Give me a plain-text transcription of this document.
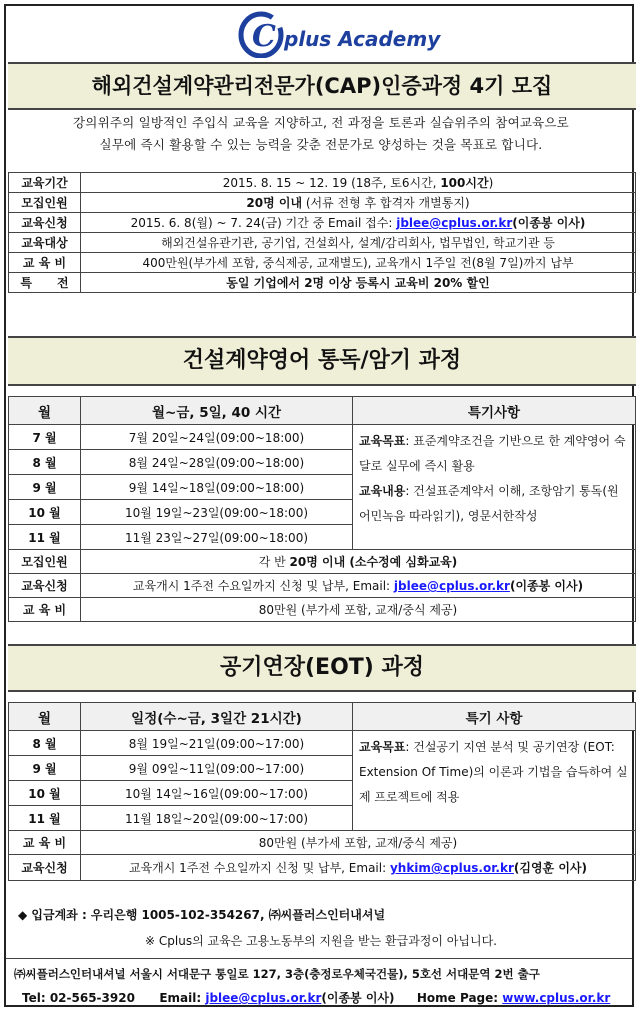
C plus Academy
해외건설계약관리전문가(CAP)인증과정 4기 모집
강의위주의 일방적인 주입식 교육을 지양하고, 전 과정을 토론과 실습위주의 참여교육으로
실무에 즉시 활용할 수 있는 능력을 갖춘 전문가로 양성하는 것을 목표로 합니다.
교육기간	2015. 8. 15 ~ 12. 19 (18주, 토6시간, 100시간)
모집인원	20명 이내 (서류 전형 후 합격자 개별통지)
교육신청	2015. 6. 8(월) ~ 7. 24(금) 기간 중 Email 접수: jblee@cplus.or.kr(이종봉 이사)
교육대상	해외건설유관기관, 공기업, 건설회사, 설계/감리회사, 법무법인, 학교기관 등
교 육 비	400만원(부가세 포함, 중식제공, 교재별도), 교육개시 1주일 전(8월 7일)까지 납부
특      전	동일 기업에서 2명 이상 등록시 교육비 20% 할인
건설계약영어 통독/암기 과정
월	월~금, 5일, 40 시간	특기사항
7 월	7월 20일~24일(09:00~18:00)	교육목표: 표준계약조건을 기반으로 한 계약영어 숙달로 실무에 즉시 활용
교육내용: 건설표준계약서 이해, 조항암기 통독(원어민녹음 따라읽기), 영문서한작성
8 월	8월 24일~28일(09:00~18:00)	
9 월	9월 14일~18일(09:00~18:00)	
10 월	10월 19일~23일(09:00~18:00)	
11 월	11월 23일~27일(09:00~18:00)	
모집인원	각 반 20명 이내 (소수정예 심화교육)	
교육신청	교육개시 1주전 수요일까지 신청 및 납부, Email: jblee@cplus.or.kr(이종봉 이사)	
교 육 비	80만원 (부가세 포함, 교재/중식 제공)	
공기연장(EOT) 과정
월	일정(수~금, 3일간 21시간)	특기 사항
8 월	8월 19일~21일(09:00~17:00)	교육목표: 건설공기 지연 분석 및 공기연장 (EOT: Extension Of Time)의 이론과 기법을 습득하여 실제 프로젝트에 적용
9 월	9월 09일~11일(09:00~17:00)	
10 월	10월 14일~16일(09:00~17:00)	
11 월	11월 18일~20일(09:00~17:00)	
교 육 비	80만원 (부가세 포함, 교재/중식 제공)	
교육신청	교육개시 1주전 수요일까지 신청 및 납부, Email: yhkim@cplus.or.kr(김영훈 이사)	
◆ 입금계좌 : 우리은행 1005-102-354267, ㈜씨플러스인터내셔널
※ Cplus의 교육은 고용노동부의 지원을 받는 환급과정이 아닙니다.
㈜씨플러스인터내셔널 서울시 서대문구 통일로 127, 3층(충정로우체국건물), 5호선 서대문역 2번 출구
Tel: 02-565-3920 Email: jblee@cplus.or.kr(이종봉 이사) Home Page: www.cplus.or.kr
